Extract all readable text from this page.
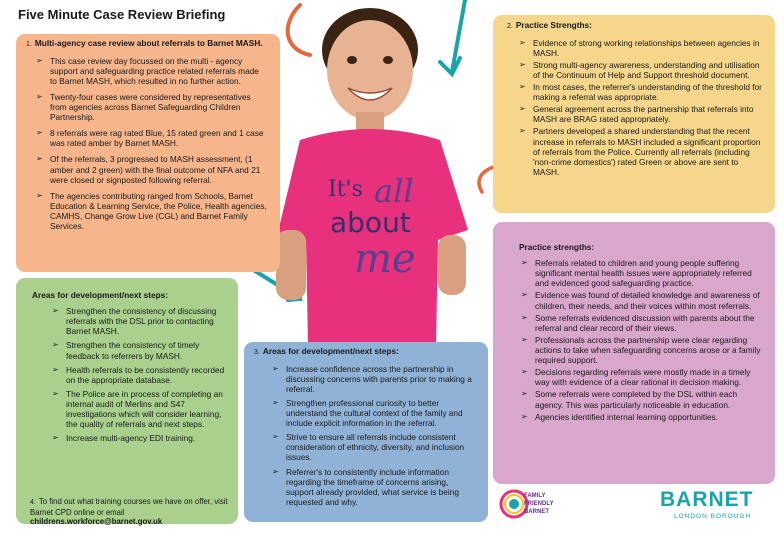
Five Minute Case Review Briefing
It's all
about
me
1. Multi-agency case review about referrals to Barnet MASH.
➢ This case review day focussed on the multi - agency support and safeguarding practice related referrals made to Barnet MASH, which resulted in no further action.
➢ Twenty-four cases were considered by representatives from agencies across Barnet Safeguarding Children Partnership.
➢ 8 referrals were rag rated Blue, 15 rated green and 1 case was rated amber by Barnet MASH.
➢ Of the referrals, 3 progressed to MASH assessment, (1 amber and 2 green) with the final outcome of NFA and 21 were closed or signposted following referral.
➢ The agencies contributing ranged from Schools, Barnet Education & Learning Service, the Police, Health agencies, CAMHS, Change Grow Live (CGL) and Barnet Family Services.
2. Practice Strengths:
➢ Evidence of strong working relationships between agencies in MASH.
➢ Strong multi-agency awareness, understanding and utilisation of the Continuum of Help and Support threshold document.
➢ In most cases, the referrer's understanding of the threshold for making a referral was appropriate.
➢ General agreement across the partnership that referrals into MASH are BRAG rated appropriately.
➢ Partners developed a shared understanding that the recent increase in referrals to MASH included a significant proportion of referrals from the Police. Currently all referrals (including 'non-crime domestics') rated Green or above are sent to MASH.
Practice strengths:
➢ Referrals related to children and young people suffering significant mental health issues were appropriately referred and evidenced good safeguarding practice.
➢ Evidence was found of detailed knowledge and awareness of children, their needs, and their voices within most referrals.
➢ Some referrals evidenced discussion with parents about the referral and clear record of their views.
➢ Professionals across the partnership were clear regarding actions to take when safeguarding concerns arose or a family required support.
➢ Decisions regarding referrals were mostly made in a timely way with evidence of a clear rational in decision making.
➢ Some referrals were completed by the DSL within each agency. This was particularly noticeable in education.
➢ Agencies identified internal learning opportunities.
Areas for development/next steps:
➢ Strengthen the consistency of discussing referrals with the DSL prior to contacting Barnet MASH.
➢ Strengthen the consistency of timely feedback to referrers by MASH.
➢ Health referrals to be consistently recorded on the appropriate database.
➢ The Police are in process of completing an internal audit of Merlins and S47 investigations which will consider learning, the quality of referrals and next steps.
➢ Increase multi-agency EDI training.
4. To find out what training courses we have on offer, visit Barnet CPD online or email
childrens.workforce@barnet.gov.uk
3. Areas for development/next steps:
➢ Increase confidence across the partnership in discussing concerns with parents prior to making a referral.
➢ Strengthen professional curiosity to better understand the cultural context of the family and include explicit information in the referral.
➢ Strive to ensure all referrals include consistent consideration of ethnicity, diversity, and inclusion issues.
➢ Referrer's to consistently include information regarding the timeframe of concerns arising, support already provided, what service is being requested and why.
FAMILY
FRIENDLY
BARNET
BARNET
LONDON BOROUGH
